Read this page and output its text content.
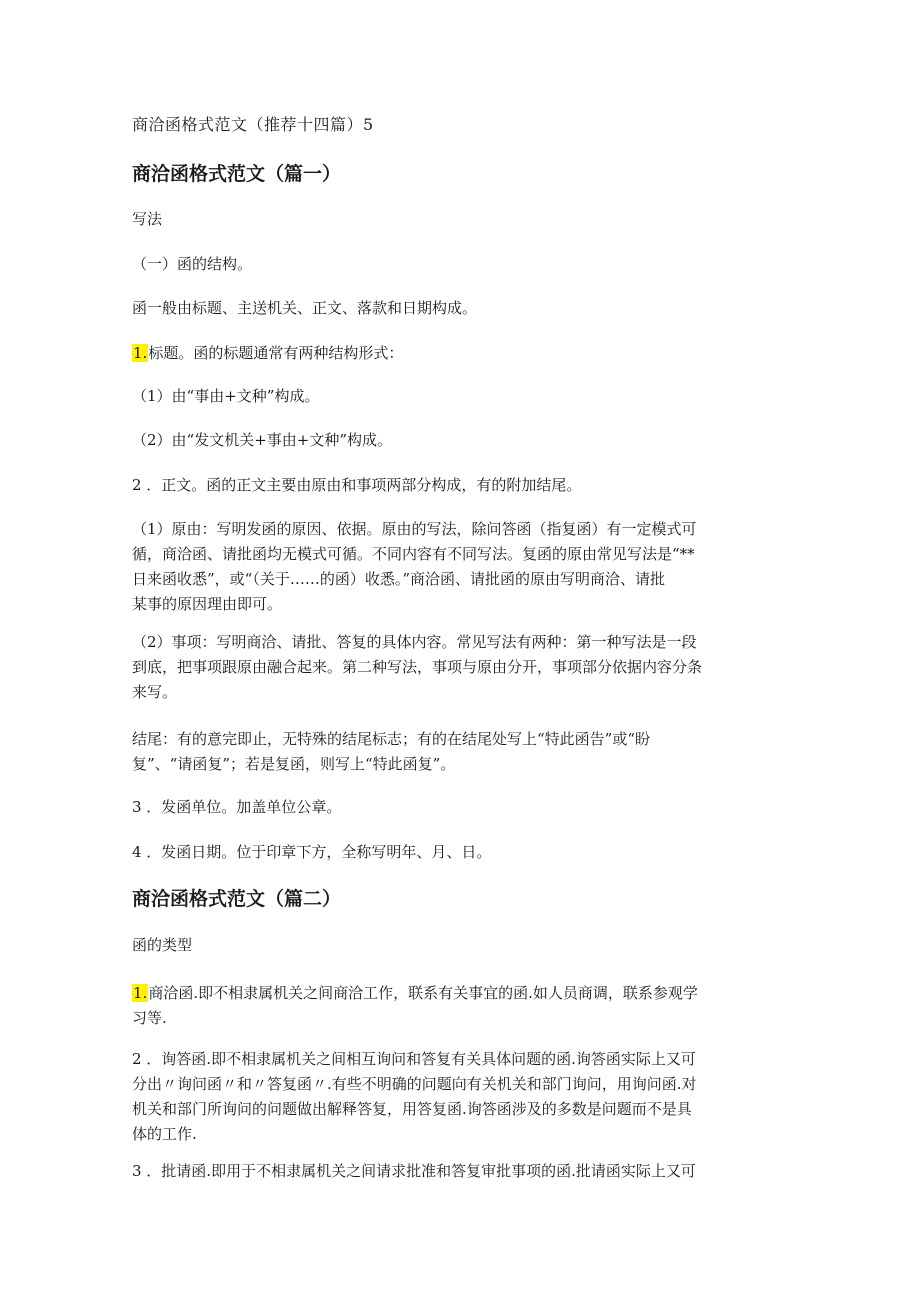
商洽函格式范文（推荐十四篇）5
商洽函格式范文（篇一）
写法
（一）函的结构。
函一般由标题、主送机关、正文、落款和日期构成。
1.标题。函的标题通常有两种结构形式：
（1）由“事由+文种”构成。
（2）由“发文机关+事由+文种”构成。
2 ．正文。函的正文主要由原由和事项两部分构成，有的附加结尾。
（1）原由：写明发函的原因、依据。原由的写法，除问答函（指复函）有一定模式可
循，商洽函、请批函均无模式可循。不同内容有不同写法。复函的原由常见写法是“**
日来函收悉”，或“（关于……的函）收悉。”商洽函、请批函的原由写明商洽、请批
某事的原因理由即可。
（2）事项：写明商洽、请批、答复的具体内容。常见写法有两种：第一种写法是一段
到底，把事项跟原由融合起来。第二种写法，事项与原由分开，事项部分依据内容分条
来写。
结尾：有的意完即止，无特殊的结尾标志；有的在结尾处写上“特此函告”或“盼
复”、“请函复”；若是复函，则写上“特此函复”。
3 ．发函单位。加盖单位公章。
4 ．发函日期。位于印章下方，全称写明年、月、日。
商洽函格式范文（篇二）
函的类型
1.商洽函.即不相隶属机关之间商洽工作，联系有关事宜的函.如人员商调，联系参观学
习等.
2 ．询答函.即不相隶属机关之间相互询问和答复有关具体问题的函.询答函实际上又可
分出〃询问函〃和〃答复函〃.有些不明确的问题向有关机关和部门询问，用询问函.对
机关和部门所询问的问题做出解释答复，用答复函.询答函涉及的多数是问题而不是具
体的工作.
3 ．批请函.即用于不相隶属机关之间请求批准和答复审批事项的函.批请函实际上又可
